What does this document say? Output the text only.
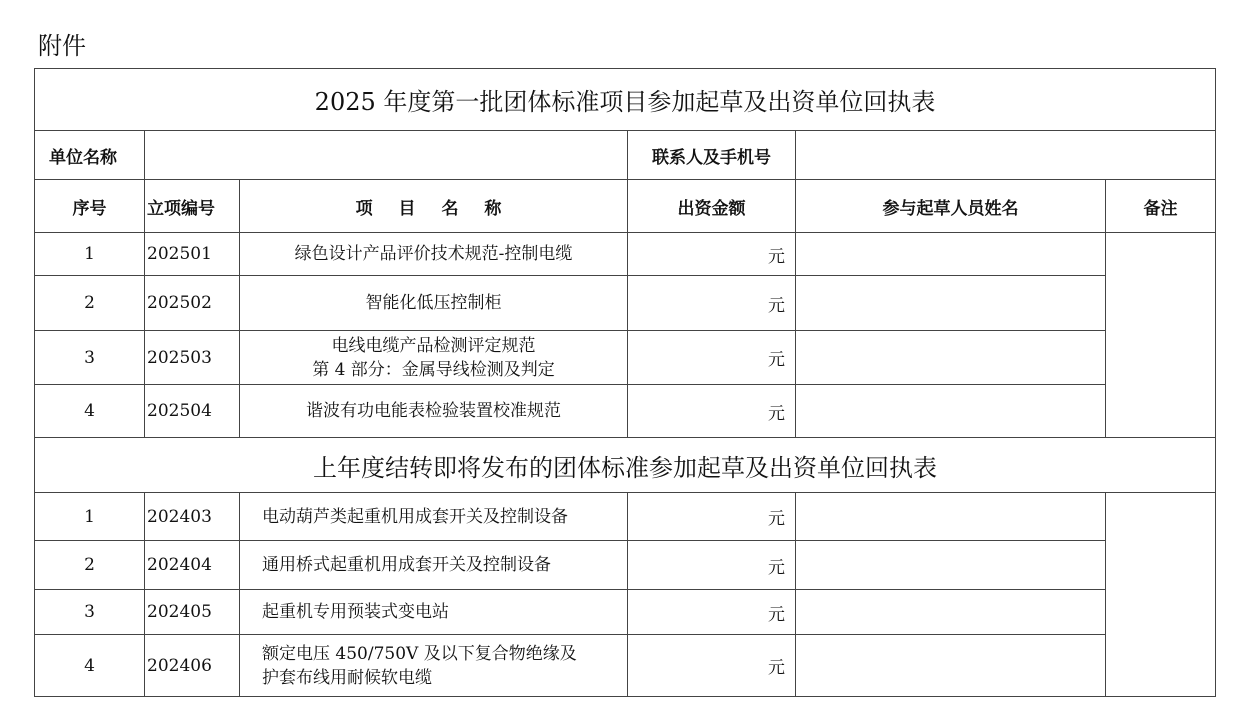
附件
2025 年度第一批团体标准项目参加起草及出资单位回执表					
单位名称			联系人及手机号		
序号	立项编号	项 目 名 称	出资金额	参与起草人员姓名	备注
1	202501	绿色设计产品评价技术规范-控制电缆	元		
2	202502	智能化低压控制柜	元		
3	202503	电线电缆产品检测评定规范
第 4 部分：金属导线检测及判定	元		
4	202504	谐波有功电能表检验装置校准规范	元		
上年度结转即将发布的团体标准参加起草及出资单位回执表					
1	202403	电动葫芦类起重机用成套开关及控制设备	元		
2	202404	通用桥式起重机用成套开关及控制设备	元		
3	202405	起重机专用预装式变电站	元		
4	202406	额定电压 450/750V 及以下复合物绝缘及
护套布线用耐候软电缆	元		
